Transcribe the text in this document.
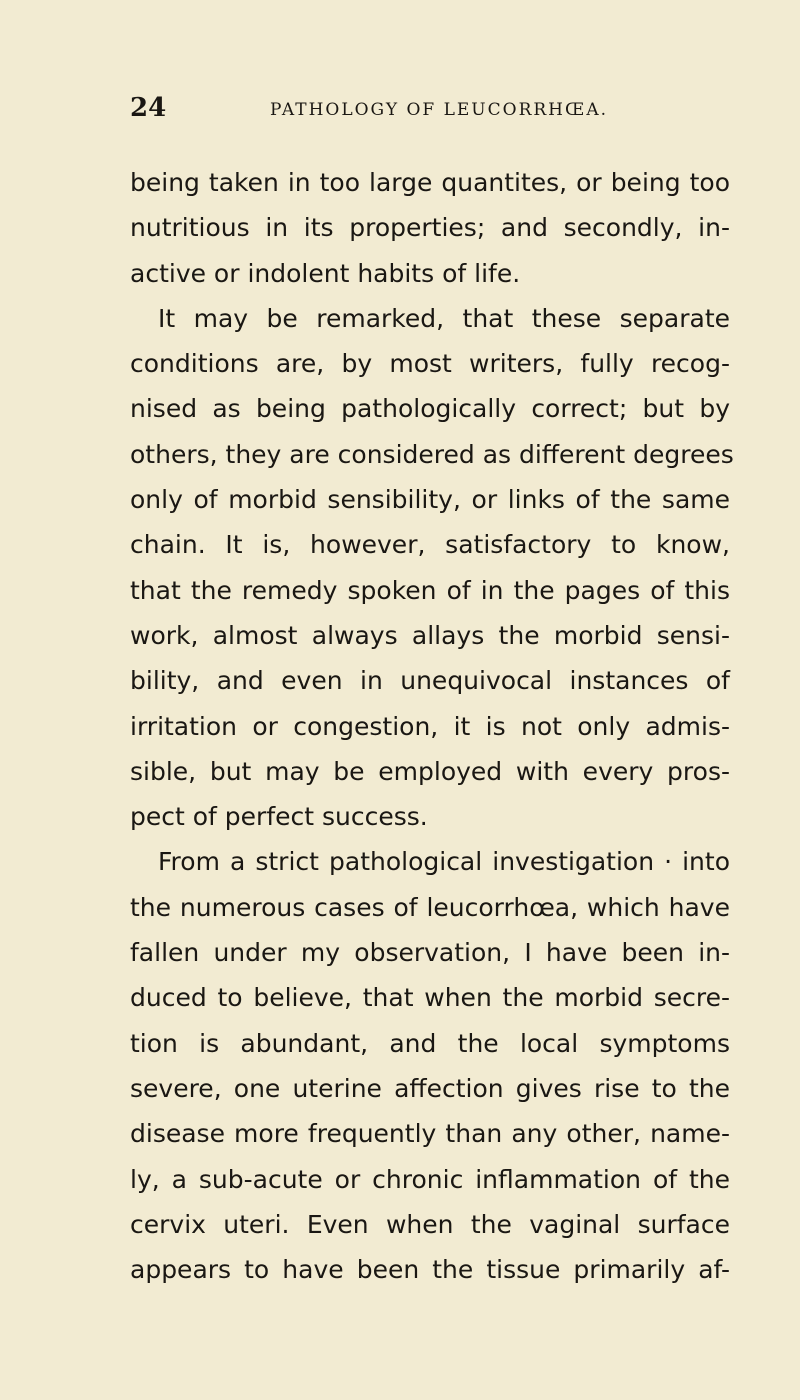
24	PATHOLOGY OF LEUCORRHŒA.
being taken in too large quantites, or being too
nutritious in its properties; and secondly, in-
active or indolent habits of life.
It may be remarked, that these separate
conditions are, by most writers, fully recog-
nised as being pathologically correct; but by
others, they are considered as different degrees
only of morbid sensibility, or links of the same
chain. It is, however, satisfactory to know,
that the remedy spoken of in the pages of this
work, almost always allays the morbid sensi-
bility, and even in unequivocal instances of
irritation or congestion, it is not only admis-
sible, but may be employed with every pros-
pect of perfect success.
From a strict pathological investigation · into
the numerous cases of leucorrhœa, which have
fallen under my observation, I have been in-
duced to believe, that when the morbid secre-
tion is abundant, and the local symptoms
severe, one uterine affection gives rise to the
disease more frequently than any other, name-
ly, a sub-acute or chronic inflammation of the
cervix uteri. Even when the vaginal surface
appears to have been the tissue primarily af-
